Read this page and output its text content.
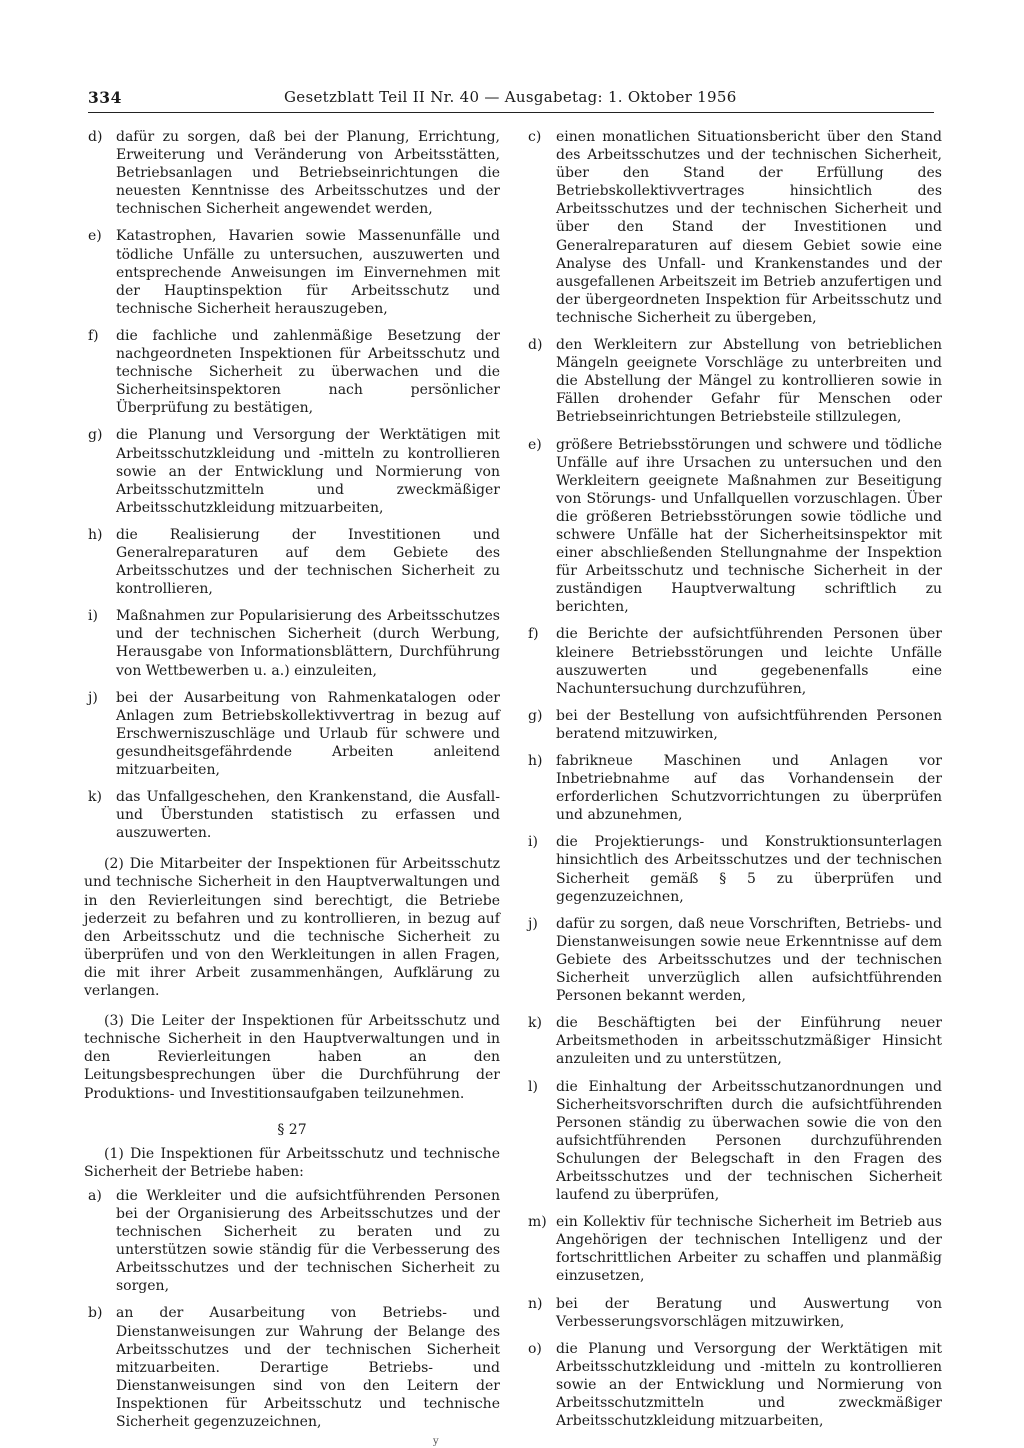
334	Gesetzblatt Teil II Nr. 40 — Ausgabetag: 1. Oktober 1956
d) dafür zu sorgen, daß bei der Planung, Errichtung, Erweiterung und Veränderung von Arbeitsstätten, Betriebsanlagen und Betriebseinrichtungen die neuesten Kenntnisse des Arbeitsschutzes und der technischen Sicherheit angewendet werden,
e) Katastrophen, Havarien sowie Massenunfälle und tödliche Unfälle zu untersuchen, auszuwerten und entsprechende Anweisungen im Einvernehmen mit der Hauptinspektion für Arbeitsschutz und technische Sicherheit herauszugeben,
f) die fachliche und zahlenmäßige Besetzung der nachgeordneten Inspektionen für Arbeitsschutz und technische Sicherheit zu überwachen und die Sicherheitsinspektoren nach persönlicher Überprüfung zu bestätigen,
g) die Planung und Versorgung der Werktätigen mit Arbeitsschutzkleidung und -mitteln zu kontrollieren sowie an der Entwicklung und Normierung von Arbeitsschutzmitteln und zweckmäßiger Arbeitsschutzkleidung mitzuarbeiten,
h) die Realisierung der Investitionen und Generalreparaturen auf dem Gebiete des Arbeitsschutzes und der technischen Sicherheit zu kontrollieren,
i) Maßnahmen zur Popularisierung des Arbeitsschutzes und der technischen Sicherheit (durch Werbung, Herausgabe von Informationsblättern, Durchführung von Wettbewerben u. a.) einzuleiten,
j) bei der Ausarbeitung von Rahmenkatalogen oder Anlagen zum Betriebskollektivvertrag in bezug auf Erschwerniszuschläge und Urlaub für schwere und gesundheitsgefährdende Arbeiten anleitend mitzuarbeiten,
k) das Unfallgeschehen, den Krankenstand, die Ausfall- und Überstunden statistisch zu erfassen und auszuwerten.

(2) Die Mitarbeiter der Inspektionen für Arbeitsschutz und technische Sicherheit in den Hauptverwaltungen und in den Revierleitungen sind berechtigt, die Betriebe jederzeit zu befahren und zu kontrollieren, in bezug auf den Arbeitsschutz und die technische Sicherheit zu überprüfen und von den Werkleitungen in allen Fragen, die mit ihrer Arbeit zusammenhängen, Aufklärung zu verlangen.

(3) Die Leiter der Inspektionen für Arbeitsschutz und technische Sicherheit in den Hauptverwaltungen und in den Revierleitungen haben an den Leitungsbesprechungen über die Durchführung der Produktions- und Investitionsaufgaben teilzunehmen.

§ 27

(1) Die Inspektionen für Arbeitsschutz und technische Sicherheit der Betriebe haben:

a) die Werkleiter und die aufsichtführenden Personen bei der Organisierung des Arbeitsschutzes und der technischen Sicherheit zu beraten und zu unterstützen sowie ständig für die Verbesserung des Arbeitsschutzes und der technischen Sicherheit zu sorgen,
b) an der Ausarbeitung von Betriebs- und Dienstanweisungen zur Wahrung der Belange des Arbeitsschutzes und der technischen Sicherheit mitzuarbeiten. Derartige Betriebs- und Dienstanweisungen sind von den Leitern der Inspektionen für Arbeitsschutz und technische Sicherheit gegenzuzeichnen,
c) einen monatlichen Situationsbericht über den Stand des Arbeitsschutzes und der technischen Sicherheit, über den Stand der Erfüllung des Betriebskollektivvertrages hinsichtlich des Arbeitsschutzes und der technischen Sicherheit und über den Stand der Investitionen und Generalreparaturen auf diesem Gebiet sowie eine Analyse des Unfall- und Krankenstandes und der ausgefallenen Arbeitszeit im Betrieb anzufertigen und der übergeordneten Inspektion für Arbeitsschutz und technische Sicherheit zu übergeben,
d) den Werkleitern zur Abstellung von betrieblichen Mängeln geeignete Vorschläge zu unterbreiten und die Abstellung der Mängel zu kontrollieren sowie in Fällen drohender Gefahr für Menschen oder Betriebseinrichtungen Betriebsteile stillzulegen,
e) größere Betriebsstörungen und schwere und tödliche Unfälle auf ihre Ursachen zu untersuchen und den Werkleitern geeignete Maßnahmen zur Beseitigung von Störungs- und Unfallquellen vorzuschlagen. Über die größeren Betriebsstörungen sowie tödliche und schwere Unfälle hat der Sicherheitsinspektor mit einer abschließenden Stellungnahme der Inspektion für Arbeitsschutz und technische Sicherheit in der zuständigen Hauptverwaltung schriftlich zu berichten,
f) die Berichte der aufsichtführenden Personen über kleinere Betriebsstörungen und leichte Unfälle auszuwerten und gegebenenfalls eine Nachuntersuchung durchzuführen,
g) bei der Bestellung von aufsichtführenden Personen beratend mitzuwirken,
h) fabrikneue Maschinen und Anlagen vor Inbetriebnahme auf das Vorhandensein der erforderlichen Schutzvorrichtungen zu überprüfen und abzunehmen,
i) die Projektierungs- und Konstruktionsunterlagen hinsichtlich des Arbeitsschutzes und der technischen Sicherheit gemäß § 5 zu überprüfen und gegenzuzeichnen,
j) dafür zu sorgen, daß neue Vorschriften, Betriebs- und Dienstanweisungen sowie neue Erkenntnisse auf dem Gebiete des Arbeitsschutzes und der technischen Sicherheit unverzüglich allen aufsichtführenden Personen bekannt werden,
k) die Beschäftigten bei der Einführung neuer Arbeitsmethoden in arbeitsschutzmäßiger Hinsicht anzuleiten und zu unterstützen,
l) die Einhaltung der Arbeitsschutzanordnungen und Sicherheitsvorschriften durch die aufsichtführenden Personen ständig zu überwachen sowie die von den aufsichtführenden Personen durchzuführenden Schulungen der Belegschaft in den Fragen des Arbeitsschutzes und der technischen Sicherheit laufend zu überprüfen,
m) ein Kollektiv für technische Sicherheit im Betrieb aus Angehörigen der technischen Intelligenz und der fortschrittlichen Arbeiter zu schaffen und planmäßig einzusetzen,
n) bei der Beratung und Auswertung von Verbesserungsvorschlägen mitzuwirken,
o) die Planung und Versorgung der Werktätigen mit Arbeitsschutzkleidung und -mitteln zu kontrollieren sowie an der Entwicklung und Normierung von Arbeitsschutzmitteln und zweckmäßiger Arbeitsschutzkleidung mitzuarbeiten,
y
